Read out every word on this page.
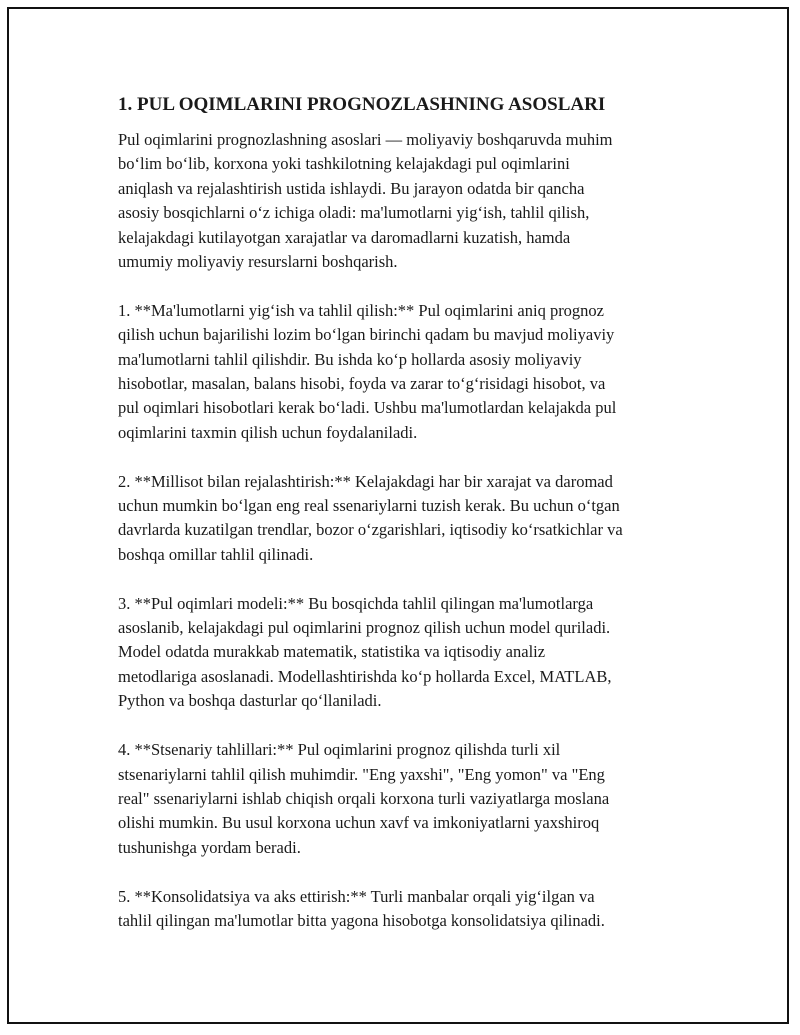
1. PUL OQIMLARINI PROGNOZLASHNING ASOSLARI

Pul oqimlarini prognozlashning asoslari — moliyaviy boshqaruvda muhim
bo‘lim bo‘lib, korxona yoki tashkilotning kelajakdagi pul oqimlarini
aniqlash va rejalashtirish ustida ishlaydi. Bu jarayon odatda bir qancha
asosiy bosqichlarni o‘z ichiga oladi: ma'lumotlarni yig‘ish, tahlil qilish,
kelajakdagi kutilayotgan xarajatlar va daromadlarni kuzatish, hamda
umumiy moliyaviy resurslarni boshqarish.

1. **Ma'lumotlarni yig‘ish va tahlil qilish:** Pul oqimlarini aniq prognoz
qilish uchun bajarilishi lozim bo‘lgan birinchi qadam bu mavjud moliyaviy
ma'lumotlarni tahlil qilishdir. Bu ishda ko‘p hollarda asosiy moliyaviy
hisobotlar, masalan, balans hisobi, foyda va zarar to‘g‘risidagi hisobot, va
pul oqimlari hisobotlari kerak bo‘ladi. Ushbu ma'lumotlardan kelajakda pul
oqimlarini taxmin qilish uchun foydalaniladi.

2. **Millisot bilan rejalashtirish:** Kelajakdagi har bir xarajat va daromad
uchun mumkin bo‘lgan eng real ssenariylarni tuzish kerak. Bu uchun o‘tgan
davrlarda kuzatilgan trendlar, bozor o‘zgarishlari, iqtisodiy ko‘rsatkichlar va
boshqa omillar tahlil qilinadi.

3. **Pul oqimlari modeli:** Bu bosqichda tahlil qilingan ma'lumotlarga
asoslanib, kelajakdagi pul oqimlarini prognoz qilish uchun model quriladi.
Model odatda murakkab matematik, statistika va iqtisodiy analiz
metodlariga asoslanadi. Modellashtirishda ko‘p hollarda Excel, MATLAB,
Python va boshqa dasturlar qo‘llaniladi.

4. **Stsenariy tahlillari:** Pul oqimlarini prognoz qilishda turli xil
stsenariylarni tahlil qilish muhimdir. "Eng yaxshi", "Eng yomon" va "Eng
real" ssenariylarni ishlab chiqish orqali korxona turli vaziyatlarga moslana
olishi mumkin. Bu usul korxona uchun xavf va imkoniyatlarni yaxshiroq
tushunishga yordam beradi.

5. **Konsolidatsiya va aks ettirish:** Turli manbalar orqali yig‘ilgan va
tahlil qilingan ma'lumotlar bitta yagona hisobotga konsolidatsiya qilinadi.
